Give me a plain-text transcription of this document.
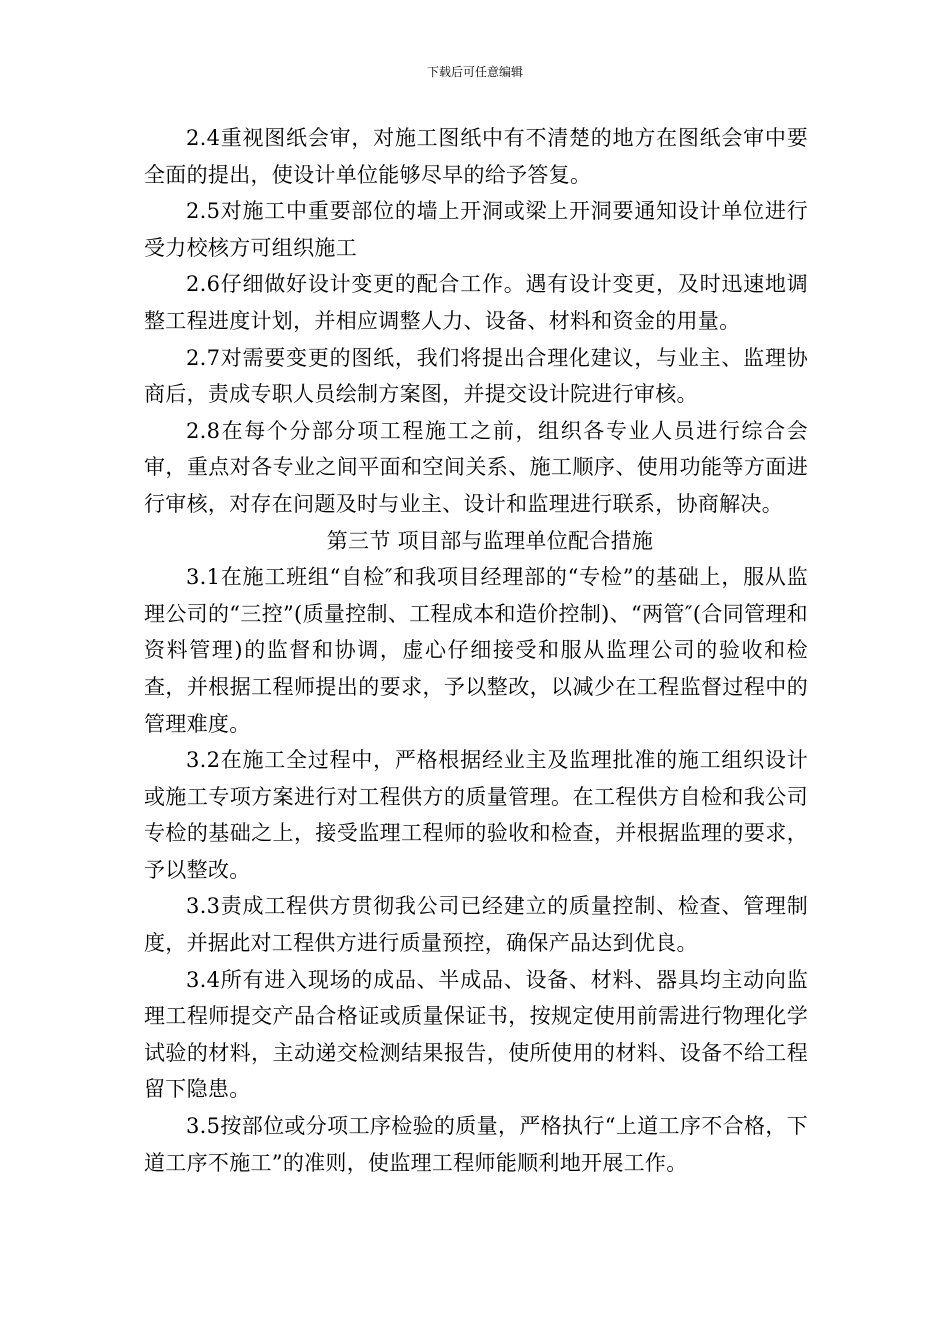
下载后可任意编辑

2.4重视图纸会审，对施工图纸中有不清楚的地方在图纸会审中要全面的提出，使设计单位能够尽早的给予答复。

2.5对施工中重要部位的墙上开洞或梁上开洞要通知设计单位进行受力校核方可组织施工

2.6仔细做好设计变更的配合工作。遇有设计变更，及时迅速地调整工程进度计划，并相应调整人力、设备、材料和资金的用量。

2.7对需要变更的图纸，我们将提出合理化建议，与业主、监理协商后，责成专职人员绘制方案图，并提交设计院进行审核。

2.8在每个分部分项工程施工之前，组织各专业人员进行综合会审，重点对各专业之间平面和空间关系、施工顺序、使用功能等方面进行审核，对存在问题及时与业主、设计和监理进行联系，协商解决。

第三节 项目部与监理单位配合措施

3.1在施工班组“自检″和我项目经理部的“专检”的基础上，服从监理公司的“三控”(质量控制、工程成本和造价控制)、“两管″(合同管理和资料管理)的监督和协调，虚心仔细接受和服从监理公司的验收和检查，并根据工程师提出的要求，予以整改，以减少在工程监督过程中的管理难度。

3.2在施工全过程中，严格根据经业主及监理批准的施工组织设计或施工专项方案进行对工程供方的质量管理。在工程供方自检和我公司专检的基础之上，接受监理工程师的验收和检查，并根据监理的要求，予以整改。

3.3责成工程供方贯彻我公司已经建立的质量控制、检查、管理制度，并据此对工程供方进行质量预控，确保产品达到优良。

3.4所有进入现场的成品、半成品、设备、材料、器具均主动向监理工程师提交产品合格证或质量保证书，按规定使用前需进行物理化学试验的材料，主动递交检测结果报告，使所使用的材料、设备不给工程留下隐患。

3.5按部位或分项工序检验的质量，严格执行“上道工序不合格，下道工序不施工”的准则，使监理工程师能顺利地开展工作。
